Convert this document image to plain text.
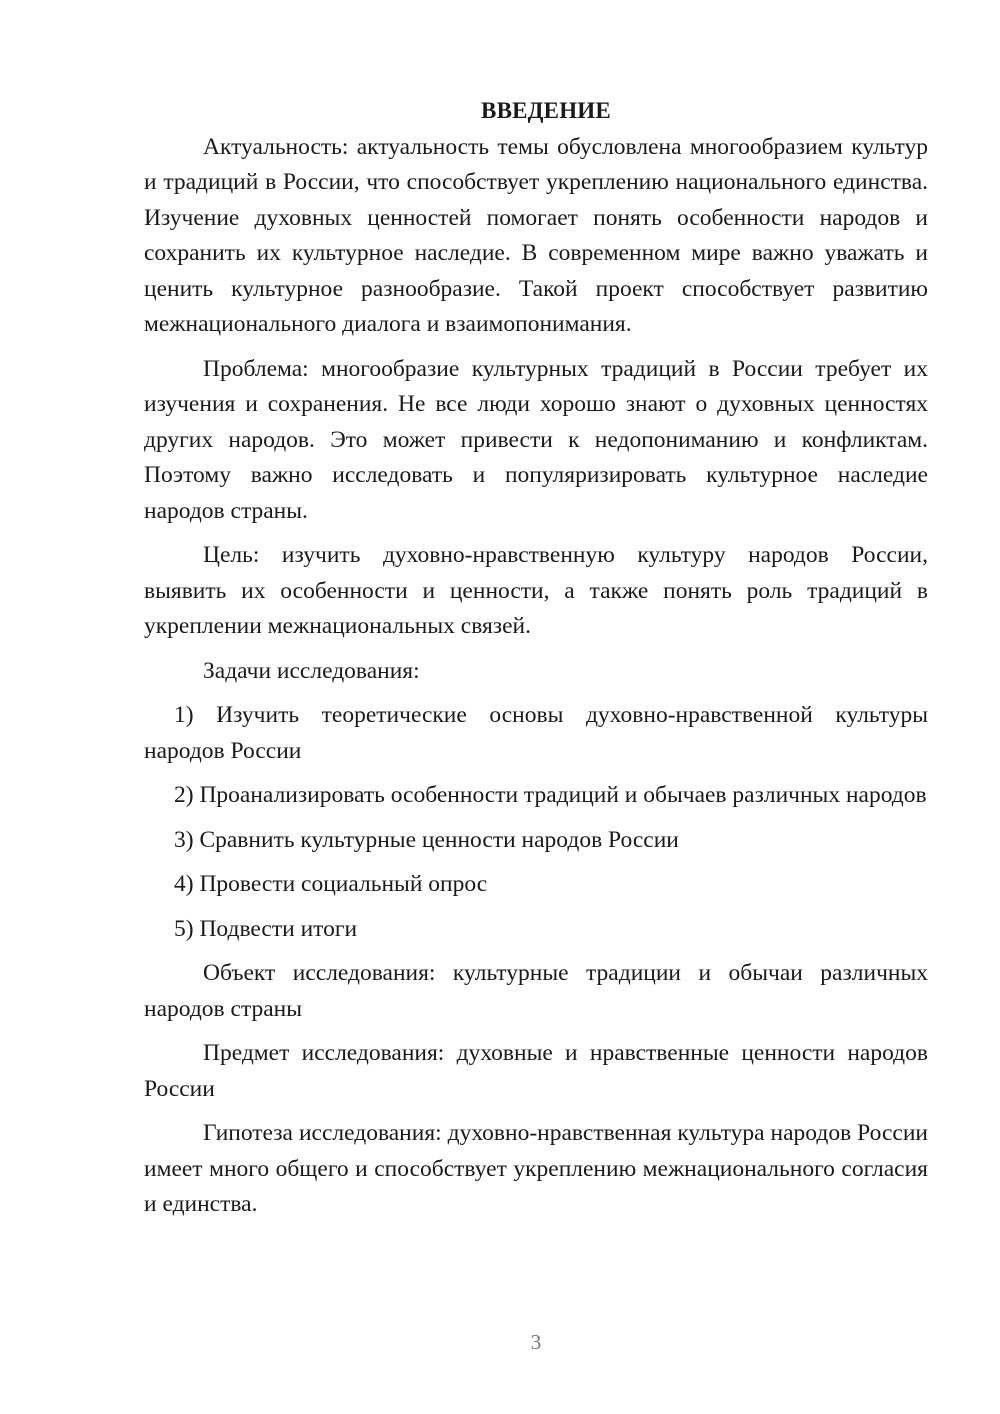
ВВЕДЕНИЕ

Актуальность: актуальность темы обусловлена многообразием культур и традиций в России, что способствует укреплению национального единства. Изучение духовных ценностей помогает понять особенности народов и сохранить их культурное наследие. В современном мире важно уважать и ценить культурное разнообразие. Такой проект способствует развитию межнационального диалога и взаимопонимания.

Проблема: многообразие культурных традиций в России требует их изучения и сохранения. Не все люди хорошо знают о духовных ценностях других народов. Это может привести к недопониманию и конфликтам. Поэтому важно исследовать и популяризировать культурное наследие народов страны.

Цель: изучить духовно-нравственную культуру народов России, выявить их особенности и ценности, а также понять роль традиций в укреплении межнациональных связей.

Задачи исследования:

1) Изучить теоретические основы духовно-нравственной культуры народов России

2) Проанализировать особенности традиций и обычаев различных народов

3) Сравнить культурные ценности народов России

4) Провести социальный опрос

5) Подвести итоги

Объект исследования: культурные традиции и обычаи различных народов страны

Предмет исследования: духовные и нравственные ценности народов России

Гипотеза исследования: духовно-нравственная культура народов России имеет много общего и способствует укреплению межнационального согласия и единства.

3
